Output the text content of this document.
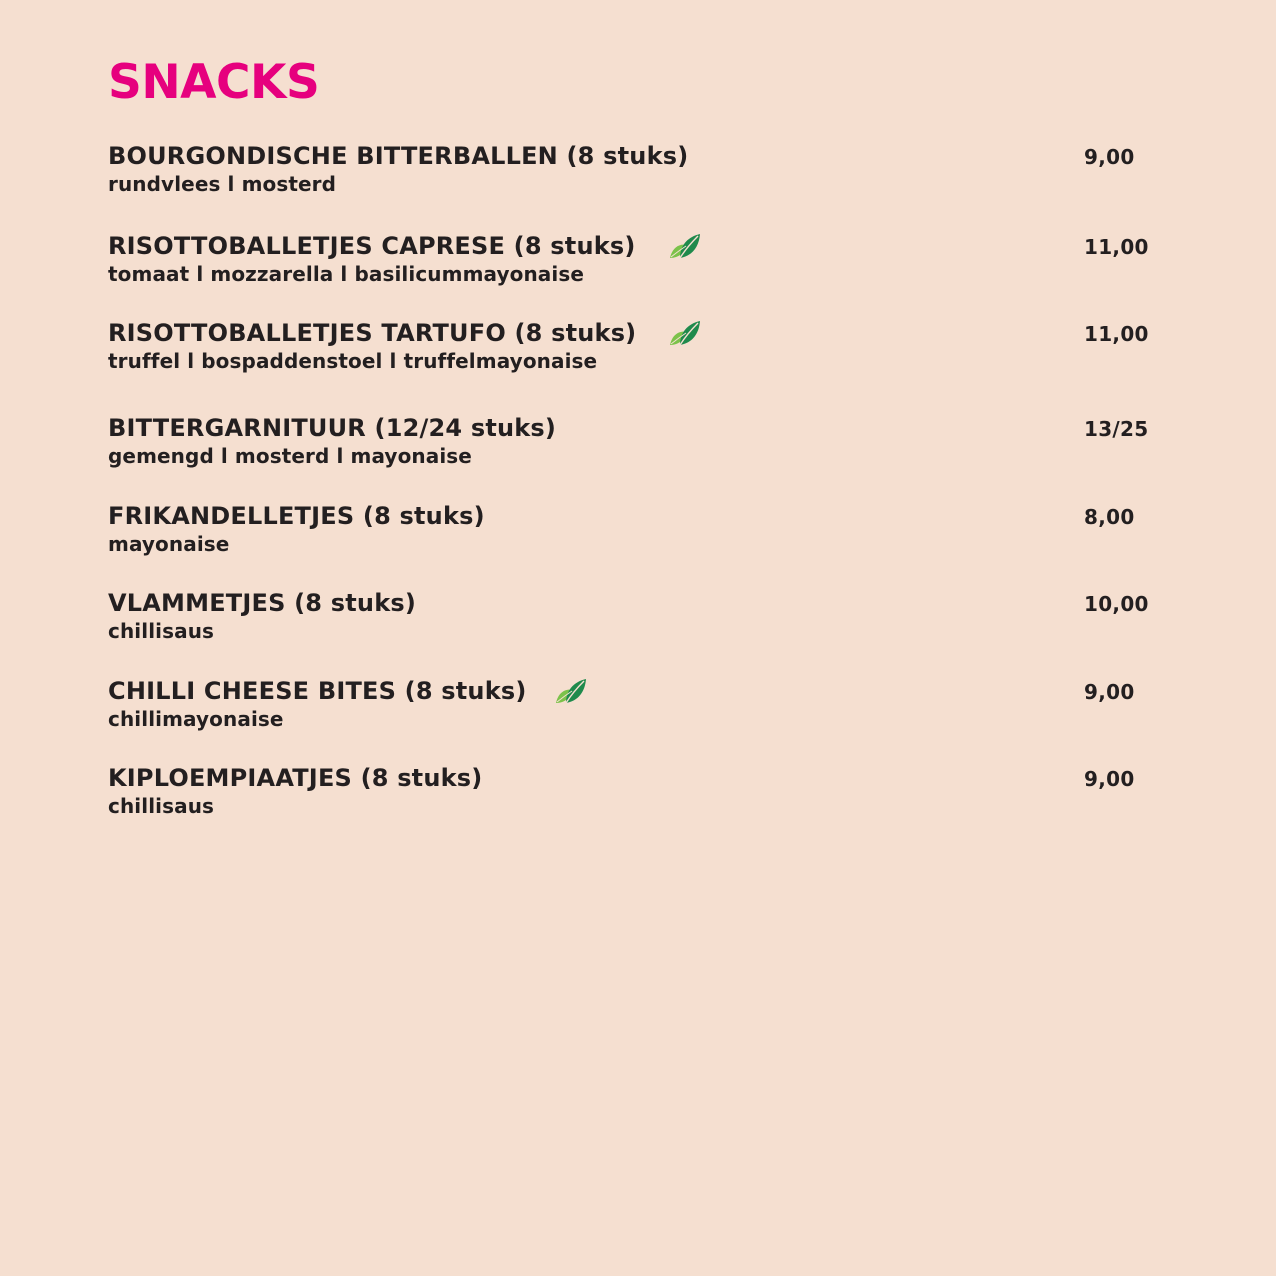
SNACKS
BOURGONDISCHE BITTERBALLEN (8 stuks)
rundvlees l mosterd
9,00
RISOTTOBALLETJES CAPRESE (8 stuks)
tomaat l mozzarella l basilicummayonaise
11,00
RISOTTOBALLETJES TARTUFO (8 stuks)
truffel l bospaddenstoel l truffelmayonaise
11,00
BITTERGARNITUUR (12/24 stuks)
gemengd l mosterd l mayonaise
13/25
FRIKANDELLETJES (8 stuks)
mayonaise
8,00
VLAMMETJES (8 stuks)
chillisaus
10,00
CHILLI CHEESE BITES (8 stuks)
chillimayonaise
9,00
KIPLOEMPIAATJES (8 stuks)
chillisaus
9,00
